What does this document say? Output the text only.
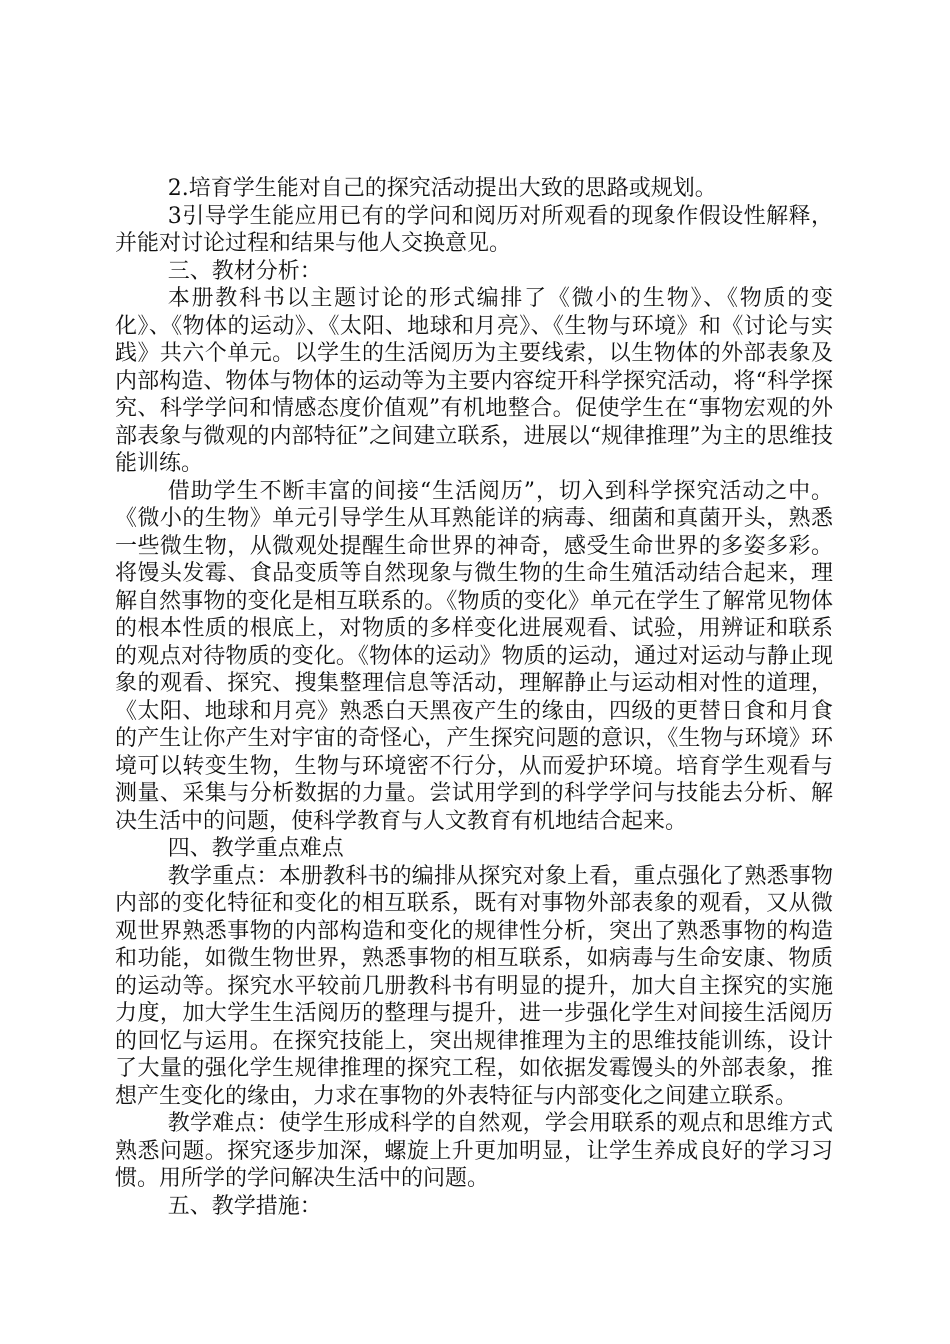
2.培育学生能对自己的探究活动提出大致的思路或规划。

3引导学生能应用已有的学问和阅历对所观看的现象作假设性解释，并能对讨论过程和结果与他人交换意见。

三、教材分析：

本册教科书以主题讨论的形式编排了《微小的生物》、《物质的变化》、《物体的运动》、《太阳、地球和月亮》、《生物与环境》和《讨论与实践》共六个单元。以学生的生活阅历为主要线索，以生物体的外部表象及内部构造、物体与物体的运动等为主要内容绽开科学探究活动，将“科学探究、科学学问和情感态度价值观”有机地整合。促使学生在“事物宏观的外部表象与微观的内部特征”之间建立联系，进展以“规律推理”为主的思维技能训练。

借助学生不断丰富的间接“生活阅历”，切入到科学探究活动之中。《微小的生物》单元引导学生从耳熟能详的病毒、细菌和真菌开头，熟悉一些微生物，从微观处提醒生命世界的神奇，感受生命世界的多姿多彩。将馒头发霉、食品变质等自然现象与微生物的生命生殖活动结合起来，理解自然事物的变化是相互联系的。《物质的变化》单元在学生了解常见物体的根本性质的根底上，对物质的多样变化进展观看、试验，用辨证和联系的观点对待物质的变化。《物体的运动》物质的运动，通过对运动与静止现象的观看、探究、搜集整理信息等活动，理解静止与运动相对性的道理，《太阳、地球和月亮》熟悉白天黑夜产生的缘由，四级的更替日食和月食的产生让你产生对宇宙的奇怪心，产生探究问题的意识，《生物与环境》环境可以转变生物，生物与环境密不行分，从而爱护环境。培育学生观看与测量、采集与分析数据的力量。尝试用学到的科学学问与技能去分析、解决生活中的问题，使科学教育与人文教育有机地结合起来。

四、教学重点难点

教学重点：本册教科书的编排从探究对象上看，重点强化了熟悉事物内部的变化特征和变化的相互联系，既有对事物外部表象的观看，又从微观世界熟悉事物的内部构造和变化的规律性分析，突出了熟悉事物的构造和功能，如微生物世界，熟悉事物的相互联系，如病毒与生命安康、物质的运动等。探究水平较前几册教科书有明显的提升，加大自主探究的实施力度，加大学生生活阅历的整理与提升，进一步强化学生对间接生活阅历的回忆与运用。在探究技能上，突出规律推理为主的思维技能训练，设计了大量的强化学生规律推理的探究工程，如依据发霉馒头的外部表象，推想产生变化的缘由，力求在事物的外表特征与内部变化之间建立联系。

教学难点：使学生形成科学的自然观，学会用联系的观点和思维方式熟悉问题。探究逐步加深，螺旋上升更加明显，让学生养成良好的学习习惯。用所学的学问解决生活中的问题。

五、教学措施：
